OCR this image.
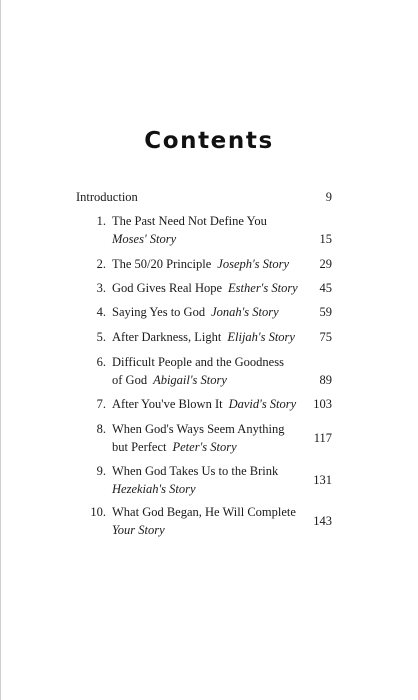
Contents
Introduction	9
1. The Past Need Not Define You
Moses' Story	15
2. The 50/20 Principle Joseph's Story	29
3. God Gives Real Hope Esther's Story	45
4. Saying Yes to God Jonah's Story	59
5. After Darkness, Light Elijah's Story	75
6. Difficult People and the Goodness
of God Abigail's Story	89
7. After You've Blown It David's Story	103
8. When God's Ways Seem Anything
but Perfect Peter's Story
117
9. When God Takes Us to the Brink
Hezekiah's Story
131
10. What God Began, He Will Complete
Your Story
143
